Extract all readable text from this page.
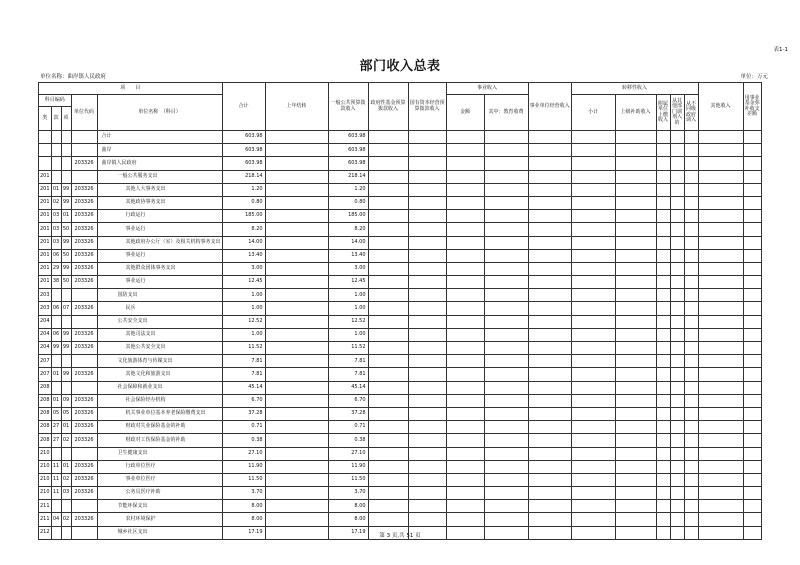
表1-1
部门收入总表
单位名称：曲岸镇人民政府	单位：万元
项　　目					合计	上年结转	一般公共预算拨款收入	政府性基金预算拨款收入	国有资本经营预算拨款收入	事业收入		事业单位经营收入	转移性收入					其他收入	用事业基金弥补收支差额
科目编码			单位代码	单位名称　（科目）						金额	其中：教育收费		小计	上级补助收入	附属单位上缴收入	从其他部门调剂入的	从不同级政府调入		
类	款	项																	

				合计	603.98		603.98												
				曲岸	603.98		603.98												
			203326	曲岸镇人民政府	603.98		603.98												
201				一般公共服务支出	218.14		218.14												
201	01	99	203326	其他人大事务支出	1.20		1.20												
201	02	99	203326	其他政协事务支出	0.80		0.80												
201	03	01	203326	行政运行	185.00		185.00												
201	03	50	203326	事业运行	8.20		8.20												
201	03	99	203326	其他政府办公厅（室）及相关机构事务支出	14.00		14.00												
201	06	50	203326	事业运行	13.40		13.40												
201	29	99	203326	其他群众团体事务支出	3.00		3.00												
201	38	50	203326	事业运行	12.45		12.45												
203				国防支出	1.00		1.00												
203	06	07	203326	民兵	1.00		1.00												
204				公共安全支出	12.52		12.52												
204	06	99	203326	其他司法支出	1.00		1.00												
204	99	99	203326	其他公共安全支出	11.52		11.52												
207				文化旅游体育与传媒支出	7.81		7.81												
207	01	99	203326	其他文化和旅游支出	7.81		7.81												
208				社会保障和就业支出	45.14		45.14												
208	01	09	203326	社会保险经办机构	6.70		6.70												
208	05	05	203326	机关事业单位基本养老保险缴费支出	37.28		37.28												
208	27	01	203326	财政对失业保险基金的补助	0.71		0.71												
208	27	02	203326	财政对工伤保险基金的补助	0.38		0.38												
210				卫生健康支出	27.10		27.10												
210	11	01	203326	行政单位医疗	11.90		11.90												
210	11	02	203326	事业单位医疗	11.50		11.50												
210	11	03	203326	公务员医疗补助	3.70		3.70												
211				节能环保支出	8.00		8.00												
211	04	02	203326	农村环境保护	8.00		8.00												
212				城乡社区支出	17.19		17.19												
第 3 页,共 51 页
